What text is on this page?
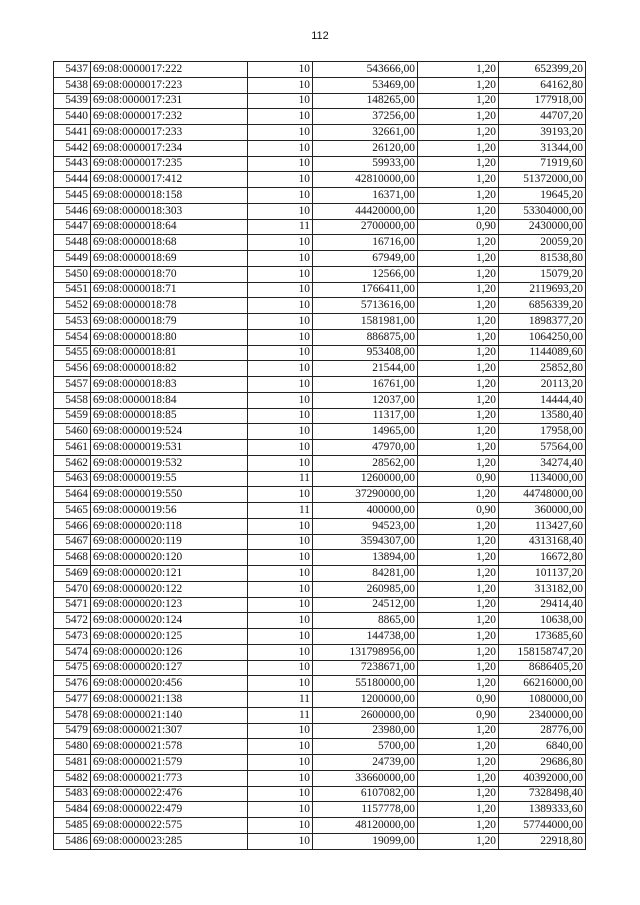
112
5437	69:08:0000017:222	10	543666,00	1,20	652399,20
5438	69:08:0000017:223	10	53469,00	1,20	64162,80
5439	69:08:0000017:231	10	148265,00	1,20	177918,00
5440	69:08:0000017:232	10	37256,00	1,20	44707,20
5441	69:08:0000017:233	10	32661,00	1,20	39193,20
5442	69:08:0000017:234	10	26120,00	1,20	31344,00
5443	69:08:0000017:235	10	59933,00	1,20	71919,60
5444	69:08:0000017:412	10	42810000,00	1,20	51372000,00
5445	69:08:0000018:158	10	16371,00	1,20	19645,20
5446	69:08:0000018:303	10	44420000,00	1,20	53304000,00
5447	69:08:0000018:64	11	2700000,00	0,90	2430000,00
5448	69:08:0000018:68	10	16716,00	1,20	20059,20
5449	69:08:0000018:69	10	67949,00	1,20	81538,80
5450	69:08:0000018:70	10	12566,00	1,20	15079,20
5451	69:08:0000018:71	10	1766411,00	1,20	2119693,20
5452	69:08:0000018:78	10	5713616,00	1,20	6856339,20
5453	69:08:0000018:79	10	1581981,00	1,20	1898377,20
5454	69:08:0000018:80	10	886875,00	1,20	1064250,00
5455	69:08:0000018:81	10	953408,00	1,20	1144089,60
5456	69:08:0000018:82	10	21544,00	1,20	25852,80
5457	69:08:0000018:83	10	16761,00	1,20	20113,20
5458	69:08:0000018:84	10	12037,00	1,20	14444,40
5459	69:08:0000018:85	10	11317,00	1,20	13580,40
5460	69:08:0000019:524	10	14965,00	1,20	17958,00
5461	69:08:0000019:531	10	47970,00	1,20	57564,00
5462	69:08:0000019:532	10	28562,00	1,20	34274,40
5463	69:08:0000019:55	11	1260000,00	0,90	1134000,00
5464	69:08:0000019:550	10	37290000,00	1,20	44748000,00
5465	69:08:0000019:56	11	400000,00	0,90	360000,00
5466	69:08:0000020:118	10	94523,00	1,20	113427,60
5467	69:08:0000020:119	10	3594307,00	1,20	4313168,40
5468	69:08:0000020:120	10	13894,00	1,20	16672,80
5469	69:08:0000020:121	10	84281,00	1,20	101137,20
5470	69:08:0000020:122	10	260985,00	1,20	313182,00
5471	69:08:0000020:123	10	24512,00	1,20	29414,40
5472	69:08:0000020:124	10	8865,00	1,20	10638,00
5473	69:08:0000020:125	10	144738,00	1,20	173685,60
5474	69:08:0000020:126	10	131798956,00	1,20	158158747,20
5475	69:08:0000020:127	10	7238671,00	1,20	8686405,20
5476	69:08:0000020:456	10	55180000,00	1,20	66216000,00
5477	69:08:0000021:138	11	1200000,00	0,90	1080000,00
5478	69:08:0000021:140	11	2600000,00	0,90	2340000,00
5479	69:08:0000021:307	10	23980,00	1,20	28776,00
5480	69:08:0000021:578	10	5700,00	1,20	6840,00
5481	69:08:0000021:579	10	24739,00	1,20	29686,80
5482	69:08:0000021:773	10	33660000,00	1,20	40392000,00
5483	69:08:0000022:476	10	6107082,00	1,20	7328498,40
5484	69:08:0000022:479	10	1157778,00	1,20	1389333,60
5485	69:08:0000022:575	10	48120000,00	1,20	57744000,00
5486	69:08:0000023:285	10	19099,00	1,20	22918,80
